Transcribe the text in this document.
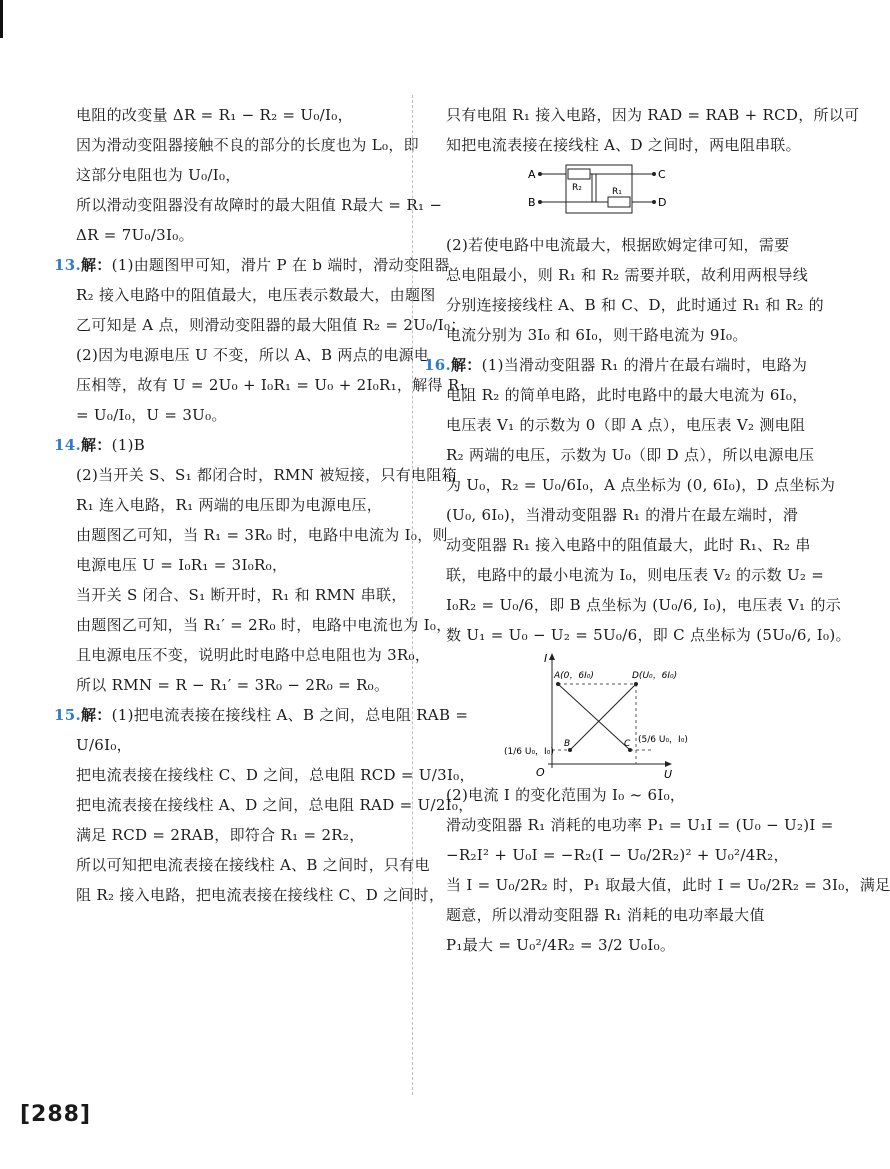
电阻的改变量 ΔR = R₁ − R₂ = U₀/I₀，
因为滑动变阻器接触不良的部分的长度也为 L₀，即
这部分电阻也为 U₀/I₀，
所以滑动变阻器没有故障时的最大阻值 R最大 = R₁ −
ΔR = 7U₀/3I₀。
13.解：(1)由题图甲可知，滑片 P 在 b 端时，滑动变阻器
R₂ 接入电路中的阻值最大，电压表示数最大，由题图
乙可知是 A 点，则滑动变阻器的最大阻值 R₂ = 2U₀/I₀；
(2)因为电源电压 U 不变，所以 A、B 两点的电源电
压相等，故有 U = 2U₀ + I₀R₁ = U₀ + 2I₀R₁，解得 R₁
= U₀/I₀，U = 3U₀。
14.解：(1)B
(2)当开关 S、S₁ 都闭合时，RMN 被短接，只有电阻箱
R₁ 连入电路，R₁ 两端的电压即为电源电压，
由题图乙可知，当 R₁ = 3R₀ 时，电路中电流为 I₀，则
电源电压 U = I₀R₁ = 3I₀R₀，
当开关 S 闭合、S₁ 断开时，R₁ 和 RMN 串联，
由题图乙可知，当 R₁′ = 2R₀ 时，电路中电流也为 I₀，
且电源电压不变，说明此时电路中总电阻也为 3R₀，
所以 RMN = R − R₁′ = 3R₀ − 2R₀ = R₀。
15.解：(1)把电流表接在接线柱 A、B 之间，总电阻 RAB =
U/6I₀，
把电流表接在接线柱 C、D 之间，总电阻 RCD = U/3I₀，
把电流表接在接线柱 A、D 之间，总电阻 RAD = U/2I₀，
满足 RCD = 2RAB，即符合 R₁ = 2R₂，
所以可知把电流表接在接线柱 A、B 之间时，只有电
阻 R₂ 接入电路，把电流表接在接线柱 C、D 之间时，
只有电阻 R₁ 接入电路，因为 RAD = RAB + RCD，所以可
知把电流表接在接线柱 A、D 之间时，两电阻串联。
A
B
C
D
R₂	R₁
(2)若使电路中电流最大，根据欧姆定律可知，需要
总电阻最小，则 R₁ 和 R₂ 需要并联，故利用两根导线
分别连接接线柱 A、B 和 C、D，此时通过 R₁ 和 R₂ 的
电流分别为 3I₀ 和 6I₀，则干路电流为 9I₀。
16.解：(1)当滑动变阻器 R₁ 的滑片在最右端时，电路为
电阻 R₂ 的简单电路，此时电路中的最大电流为 6I₀，
电压表 V₁ 的示数为 0（即 A 点），电压表 V₂ 测电阻
R₂ 两端的电压，示数为 U₀（即 D 点），所以电源电压
为 U₀，R₂ = U₀/6I₀，A 点坐标为 (0, 6I₀)，D 点坐标为
(U₀, 6I₀)，当滑动变阻器 R₁ 的滑片在最左端时，滑
动变阻器 R₁ 接入电路中的阻值最大，此时 R₁、R₂ 串
联，电路中的最小电流为 I₀，则电压表 V₂ 的示数 U₂ =
I₀R₂ = U₀/6，即 B 点坐标为 (U₀/6, I₀)，电压表 V₁ 的示
数 U₁ = U₀ − U₂ = 5U₀/6，即 C 点坐标为 (5U₀/6, I₀)。
I
U
O
A(0，6I₀)	D(U₀，6I₀)
B	C
(1/6 U₀，I₀)
(5/6 U₀，I₀)
(2)电流 I 的变化范围为 I₀ ~ 6I₀，
滑动变阻器 R₁ 消耗的电功率 P₁ = U₁I = (U₀ − U₂)I =
−R₂I² + U₀I = −R₂(I − U₀/2R₂)² + U₀²/4R₂，
当 I = U₀/2R₂ 时，P₁ 取最大值，此时 I = U₀/2R₂ = 3I₀，满足
题意，所以滑动变阻器 R₁ 消耗的电功率最大值
P₁最大 = U₀²/4R₂ = 3/2 U₀I₀。
[288]
